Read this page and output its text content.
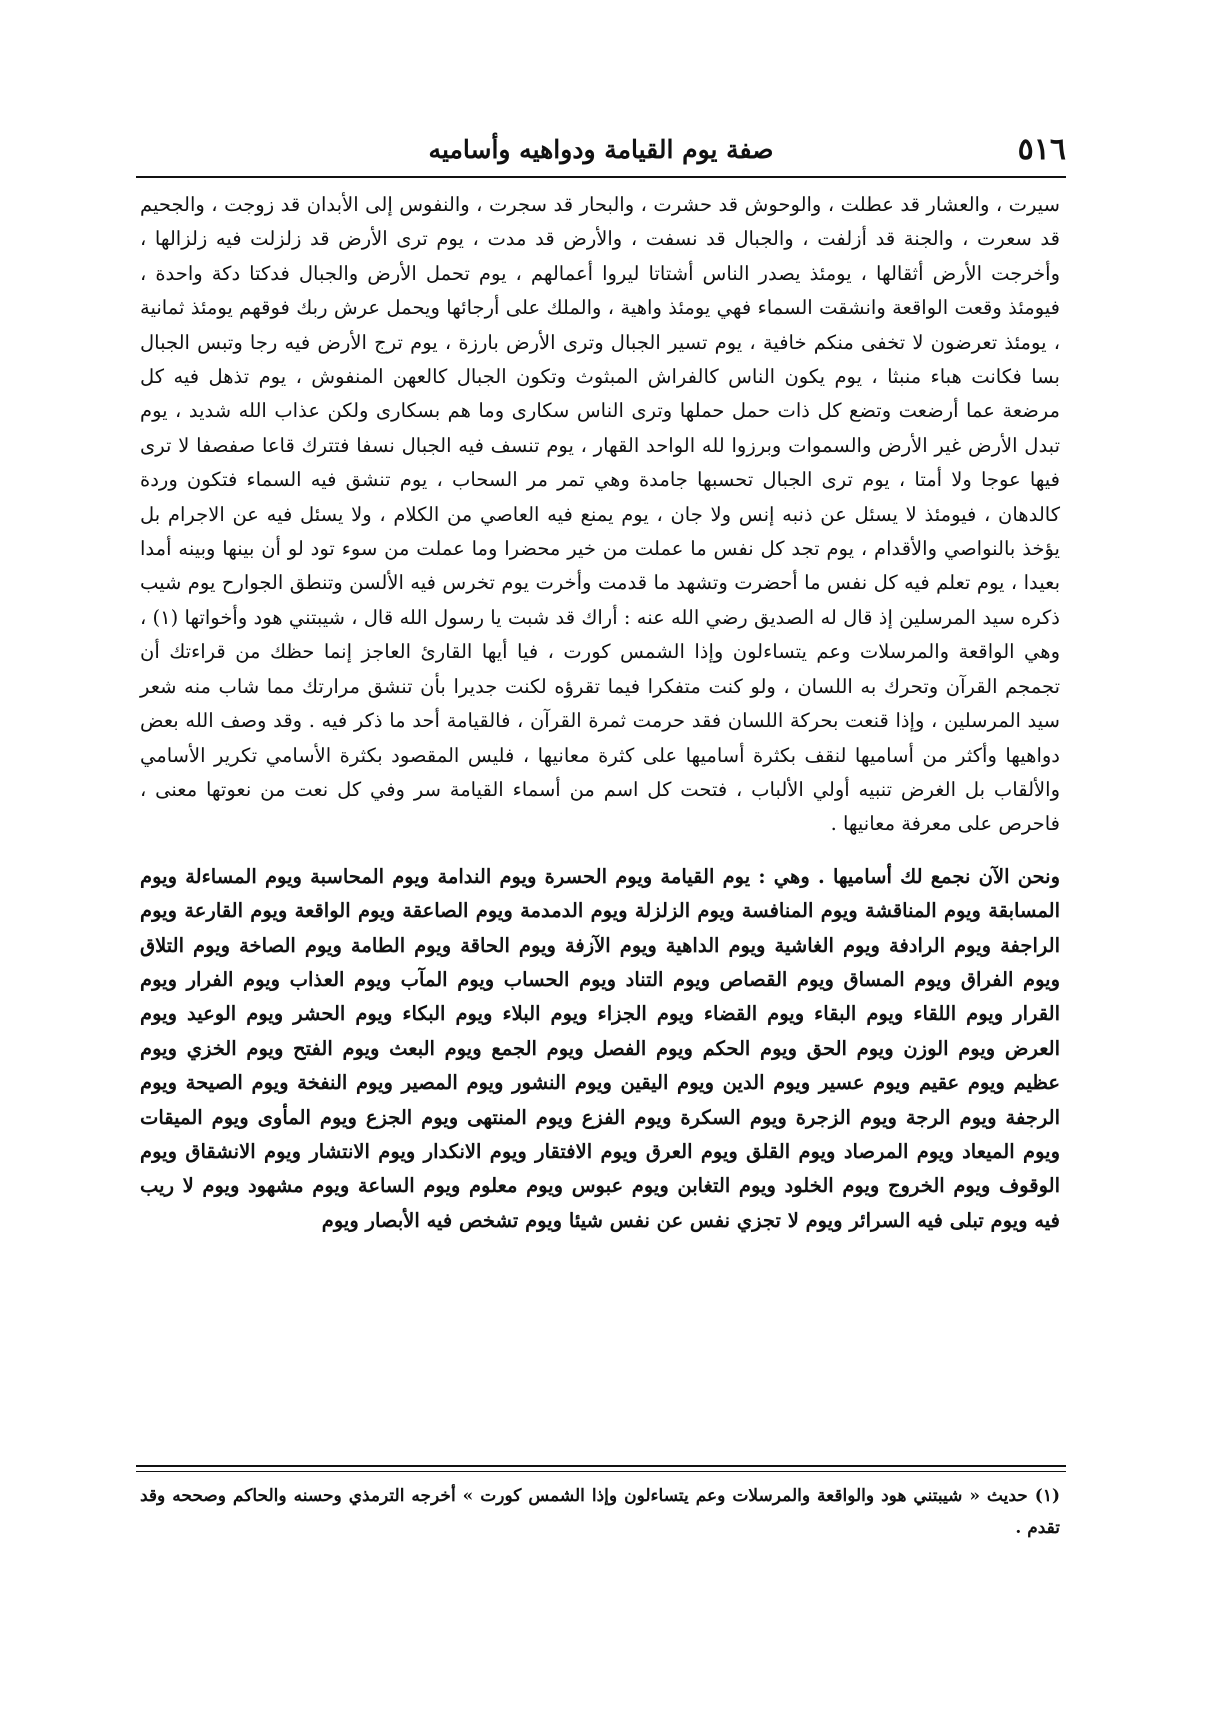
٥١٦
صفة يوم القيامة ودواهيه وأساميه

سيرت ، والعشار قد عطلت ، والوحوش قد حشرت ، والبحار قد سجرت ، والنفوس إلى الأبدان قد زوجت ، والجحيم قد سعرت ، والجنة قد أزلفت ، والجبال قد نسفت ، والأرض قد مدت ، يوم ترى الأرض قد زلزلت فيه زلزالها ، وأخرجت الأرض أثقالها ، يومئذ يصدر الناس أشتاتا ليروا أعمالهم ، يوم تحمل الأرض والجبال فدكتا دكة واحدة ، فيومئذ وقعت الواقعة وانشقت السماء فهي يومئذ واهية ، والملك على أرجائها ويحمل عرش ربك فوقهم يومئذ ثمانية ، يومئذ تعرضون لا تخفى منكم خافية ، يوم تسير الجبال وترى الأرض بارزة ، يوم ترج الأرض فيه رجا وتبس الجبال بسا فكانت هباء منبثا ، يوم يكون الناس كالفراش المبثوث وتكون الجبال كالعهن المنفوش ، يوم تذهل فيه كل مرضعة عما أرضعت وتضع كل ذات حمل حملها وترى الناس سكارى وما هم بسكارى ولكن عذاب الله شديد ، يوم تبدل الأرض غير الأرض والسموات وبرزوا لله الواحد القهار ، يوم تنسف فيه الجبال نسفا فتترك قاعا صفصفا لا ترى فيها عوجا ولا أمتا ، يوم ترى الجبال تحسبها جامدة وهي تمر مر السحاب ، يوم تنشق فيه السماء فتكون وردة كالدهان ، فيومئذ لا يسئل عن ذنبه إنس ولا جان ، يوم يمنع فيه العاصي من الكلام ، ولا يسئل فيه عن الاجرام بل يؤخذ بالنواصي والأقدام ، يوم تجد كل نفس ما عملت من خير محضرا وما عملت من سوء تود لو أن بينها وبينه أمدا بعيدا ، يوم تعلم فيه كل نفس ما أحضرت وتشهد ما قدمت وأخرت يوم تخرس فيه الألسن وتنطق الجوارح يوم شيب ذكره سيد المرسلين إذ قال له الصديق رضي الله عنه : أراك قد شبت يا رسول الله قال ، شيبتني هود وأخواتها (١) ، وهي الواقعة والمرسلات وعم يتساءلون وإذا الشمس كورت ، فيا أيها القارئ العاجز إنما حظك من قراءتك أن تجمجم القرآن وتحرك به اللسان ، ولو كنت متفكرا فيما تقرؤه لكنت جديرا بأن تنشق مرارتك مما شاب منه شعر سيد المرسلين ، وإذا قنعت بحركة اللسان فقد حرمت ثمرة القرآن ، فالقيامة أحد ما ذكر فيه . وقد وصف الله بعض دواهيها وأكثر من أساميها لنقف بكثرة أساميها على كثرة معانيها ، فليس المقصود بكثرة الأسامي تكرير الأسامي والألقاب بل الغرض تنبيه أولي الألباب ، فتحت كل اسم من أسماء القيامة سر وفي كل نعت من نعوتها معنى ، فاحرص على معرفة معانيها .

ونحن الآن نجمع لك أساميها . وهي : يوم القيامة ويوم الحسرة ويوم الندامة ويوم المحاسبة ويوم المساءلة ويوم المسابقة ويوم المناقشة ويوم المنافسة ويوم الزلزلة ويوم الدمدمة ويوم الصاعقة ويوم الواقعة ويوم القارعة ويوم الراجفة ويوم الرادفة ويوم الغاشية ويوم الداهية ويوم الآزفة ويوم الحاقة ويوم الطامة ويوم الصاخة ويوم التلاق ويوم الفراق ويوم المساق ويوم القصاص ويوم التناد ويوم الحساب ويوم المآب ويوم العذاب ويوم الفرار ويوم القرار ويوم اللقاء ويوم البقاء ويوم القضاء ويوم الجزاء ويوم البلاء ويوم البكاء ويوم الحشر ويوم الوعيد ويوم العرض ويوم الوزن ويوم الحق ويوم الحكم ويوم الفصل ويوم الجمع ويوم البعث ويوم الفتح ويوم الخزي ويوم عظيم ويوم عقيم ويوم عسير ويوم الدين ويوم اليقين ويوم النشور ويوم المصير ويوم النفخة ويوم الصيحة ويوم الرجفة ويوم الرجة ويوم الزجرة ويوم السكرة ويوم الفزع ويوم المنتهى ويوم الجزع ويوم المأوى ويوم الميقات ويوم الميعاد ويوم المرصاد ويوم القلق ويوم العرق ويوم الافتقار ويوم الانكدار ويوم الانتشار ويوم الانشقاق ويوم الوقوف ويوم الخروج ويوم الخلود ويوم التغابن ويوم عبوس ويوم معلوم ويوم الساعة ويوم مشهود ويوم لا ريب فيه ويوم تبلى فيه السرائر ويوم لا تجزي نفس عن نفس شيئا ويوم تشخص فيه الأبصار ويوم

(١) حديث « شيبتني هود والواقعة والمرسلات وعم يتساءلون وإذا الشمس كورت » أخرجه الترمذي وحسنه والحاكم وصححه وقد تقدم .
